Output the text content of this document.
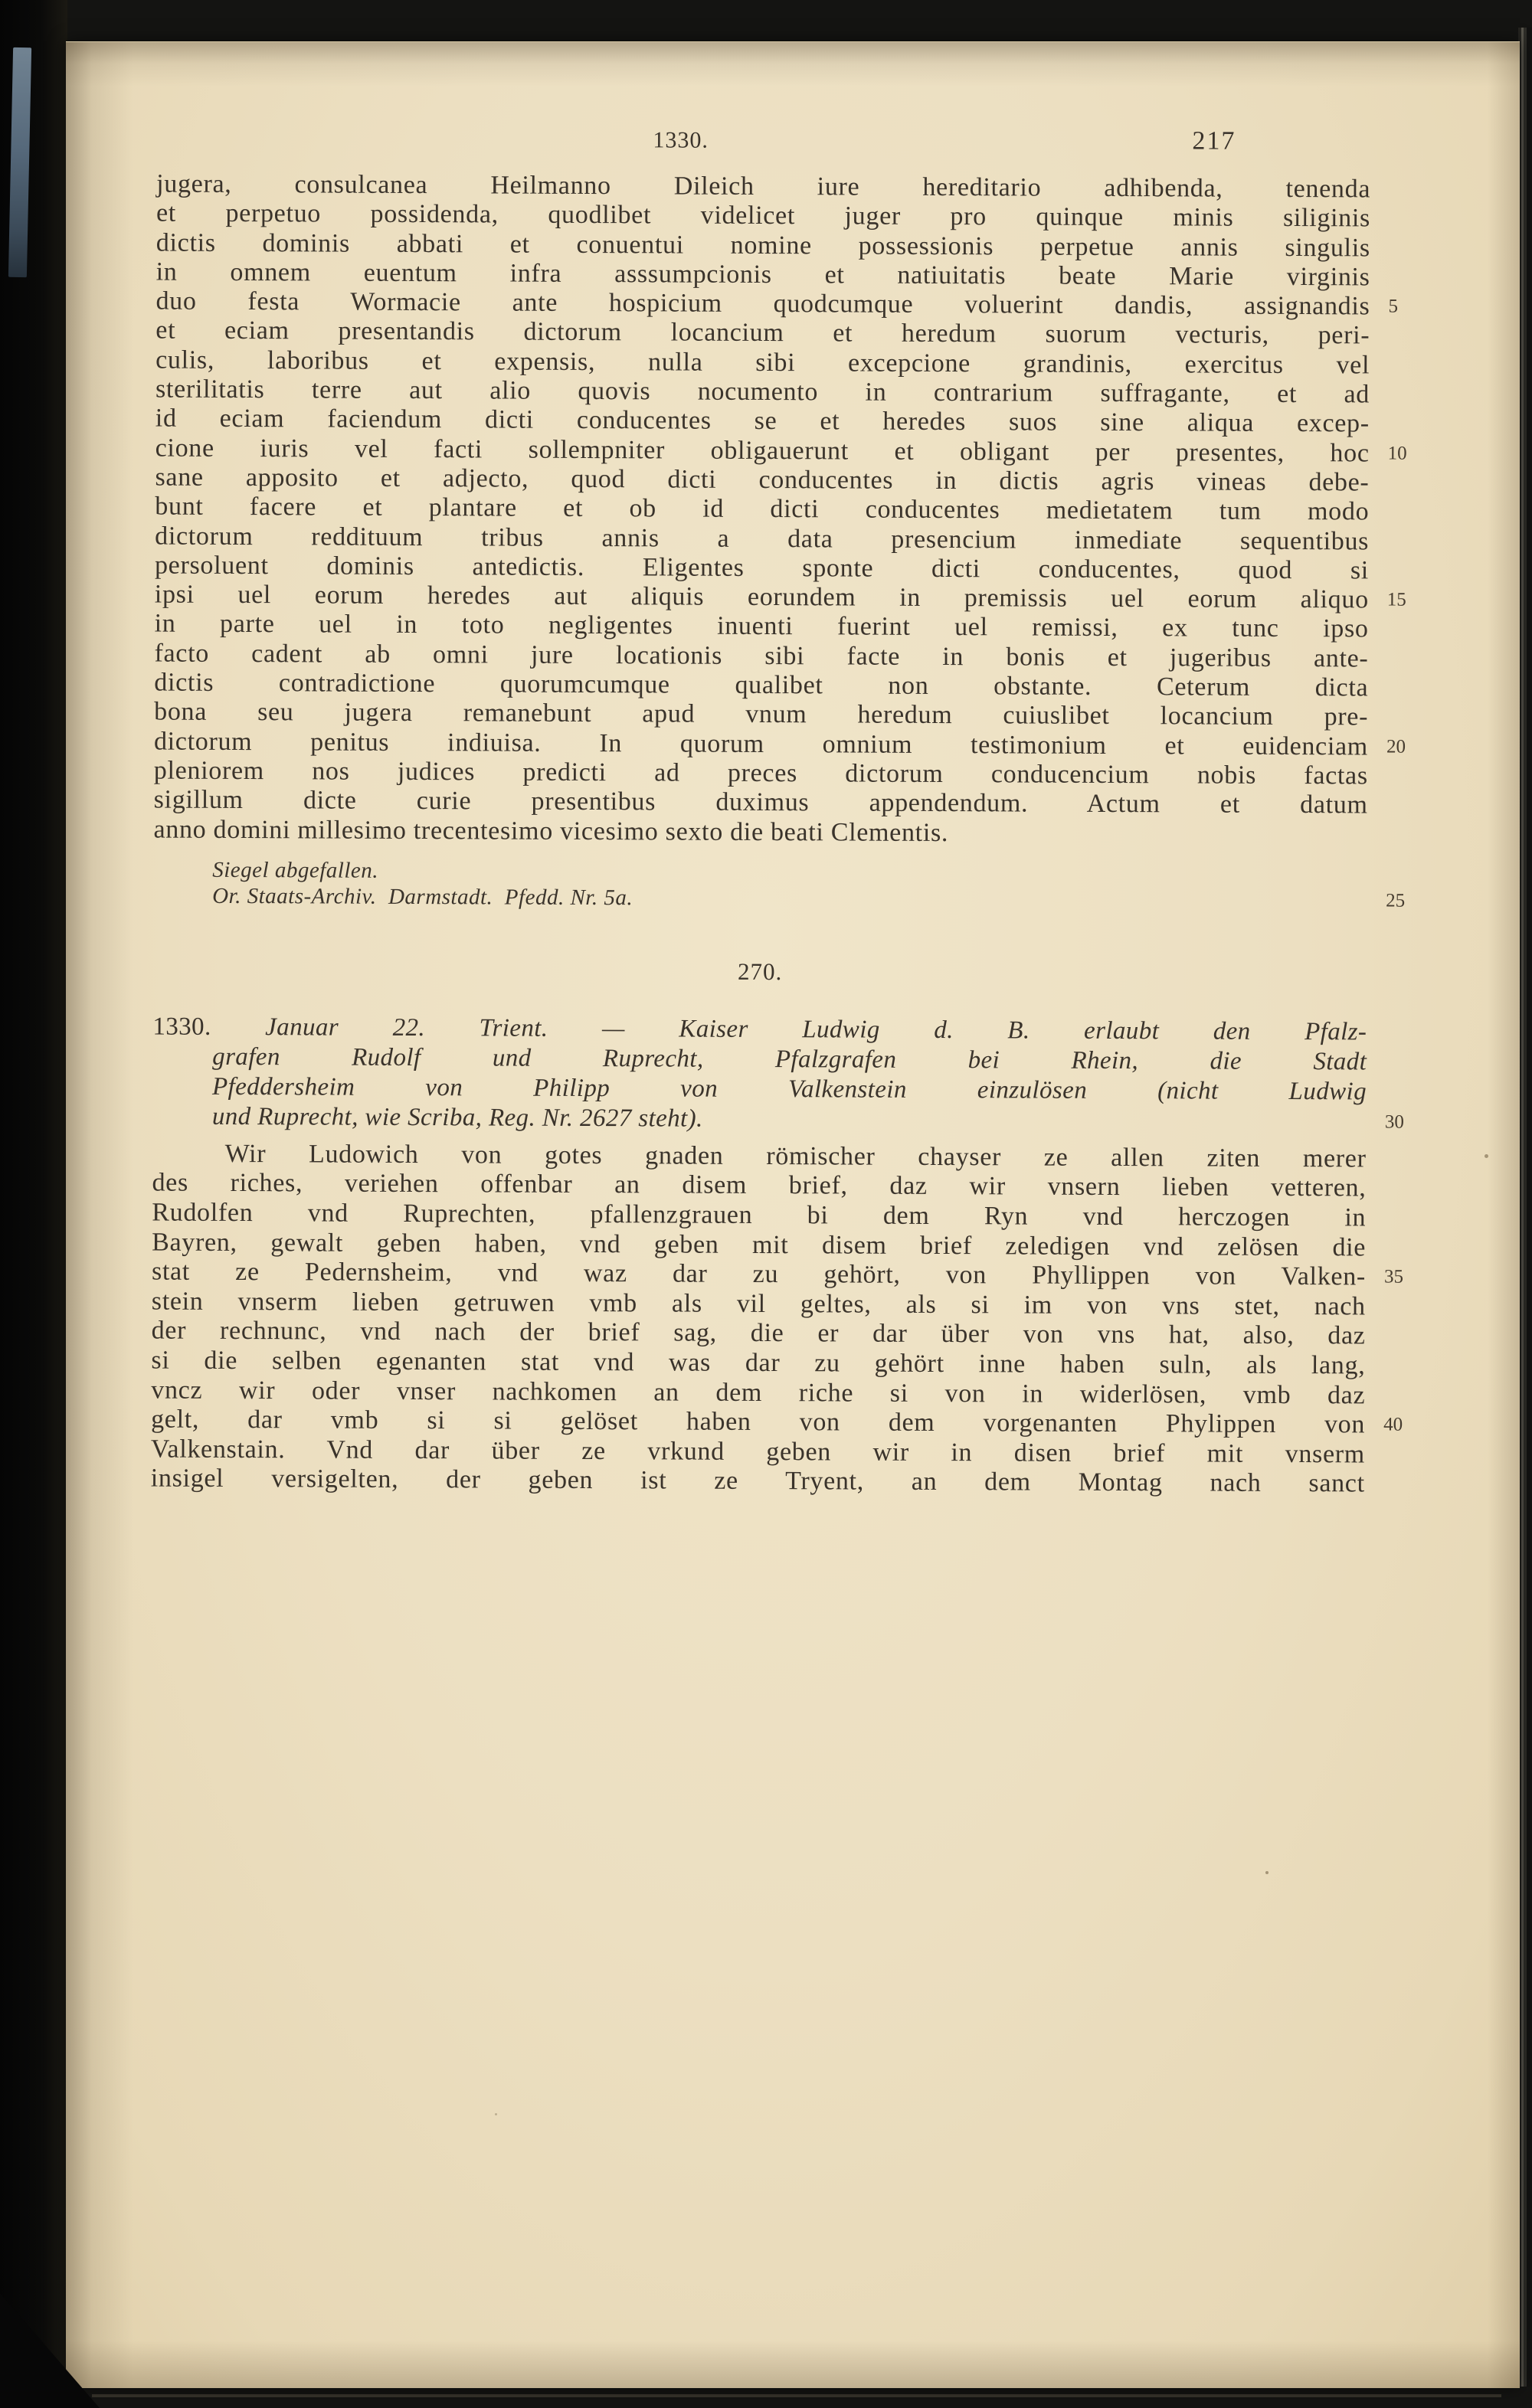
1330.	217
jugera, consulcanea Heilmanno Dileich iure hereditario adhibenda, tenenda
et perpetuo possidenda, quodlibet videlicet juger pro quinque minis siliginis
dictis dominis abbati et conuentui nomine possessionis perpetue annis singulis
in omnem euentum infra asssumpcionis et natiuitatis beate Marie virginis
duo festa Wormacie ante hospicium quodcumque voluerint dandis, assignandis 5
et eciam presentandis dictorum locancium et heredum suorum vecturis, peri-
culis, laboribus et expensis, nulla sibi excepcione grandinis, exercitus vel
sterilitatis terre aut alio quovis nocumento in contrarium suffragante, et ad
id eciam faciendum dicti conducentes se et heredes suos sine aliqua excep-
cione iuris vel facti sollempniter obligauerunt et obligant per presentes, hoc 10
sane apposito et adjecto, quod dicti conducentes in dictis agris vineas debe-
bunt facere et plantare et ob id dicti conducentes medietatem tum modo
dictorum reddituum tribus annis a data presencium inmediate sequentibus
persoluent dominis antedictis. Eligentes sponte dicti conducentes, quod si
ipsi uel eorum heredes aut aliquis eorundem in premissis uel eorum aliquo 15
in parte uel in toto negligentes inuenti fuerint uel remissi, ex tunc ipso
facto cadent ab omni jure locationis sibi facte in bonis et jugeribus ante-
dictis contradictione quorumcumque qualibet non obstante. Ceterum dicta
bona seu jugera remanebunt apud vnum heredum cuiuslibet locancium pre-
dictorum penitus indiuisa. In quorum omnium testimonium et euidenciam 20
pleniorem nos judices predicti ad preces dictorum conducencium nobis factas
sigillum dicte curie presentibus duximus appendendum. Actum et datum
anno domini millesimo trecentesimo vicesimo sexto die beati Clementis.
Siegel abgefallen.
Or. Staats-Archiv.  Darmstadt.  Pfedd. Nr. 5a.	25
270.
1330. Januar 22. Trient. — Kaiser Ludwig d. B. erlaubt den Pfalz-
grafen Rudolf und Ruprecht, Pfalzgrafen bei Rhein, die Stadt
Pfeddersheim von Philipp von Valkenstein einzulösen (nicht Ludwig
und Ruprecht, wie Scriba, Reg. Nr. 2627 steht).	30
Wir Ludowich von gotes gnaden römischer chayser ze allen ziten merer
des riches, veriehen offenbar an disem brief, daz wir vnsern lieben vetteren,
Rudolfen vnd Ruprechten, pfallenzgrauen bi dem Ryn vnd herczogen in
Bayren, gewalt geben haben, vnd geben mit disem brief zeledigen vnd zelösen die
stat ze Pedernsheim, vnd waz dar zu gehört, von Phyllippen von Valken- 35
stein vnserm lieben getruwen vmb als vil geltes, als si im von vns stet, nach
der rechnunc, vnd nach der brief sag, die er dar über von vns hat, also, daz
si die selben egenanten stat vnd was dar zu gehört inne haben suln, als lang,
vncz wir oder vnser nachkomen an dem riche si von in widerlösen, vmb daz
gelt, dar vmb si si gelöset haben von dem vorgenanten Phylippen von 40
Valkenstain. Vnd dar über ze vrkund geben wir in disen brief mit vnserm
insigel versigelten, der geben ist ze Tryent, an dem Montag nach sanct
